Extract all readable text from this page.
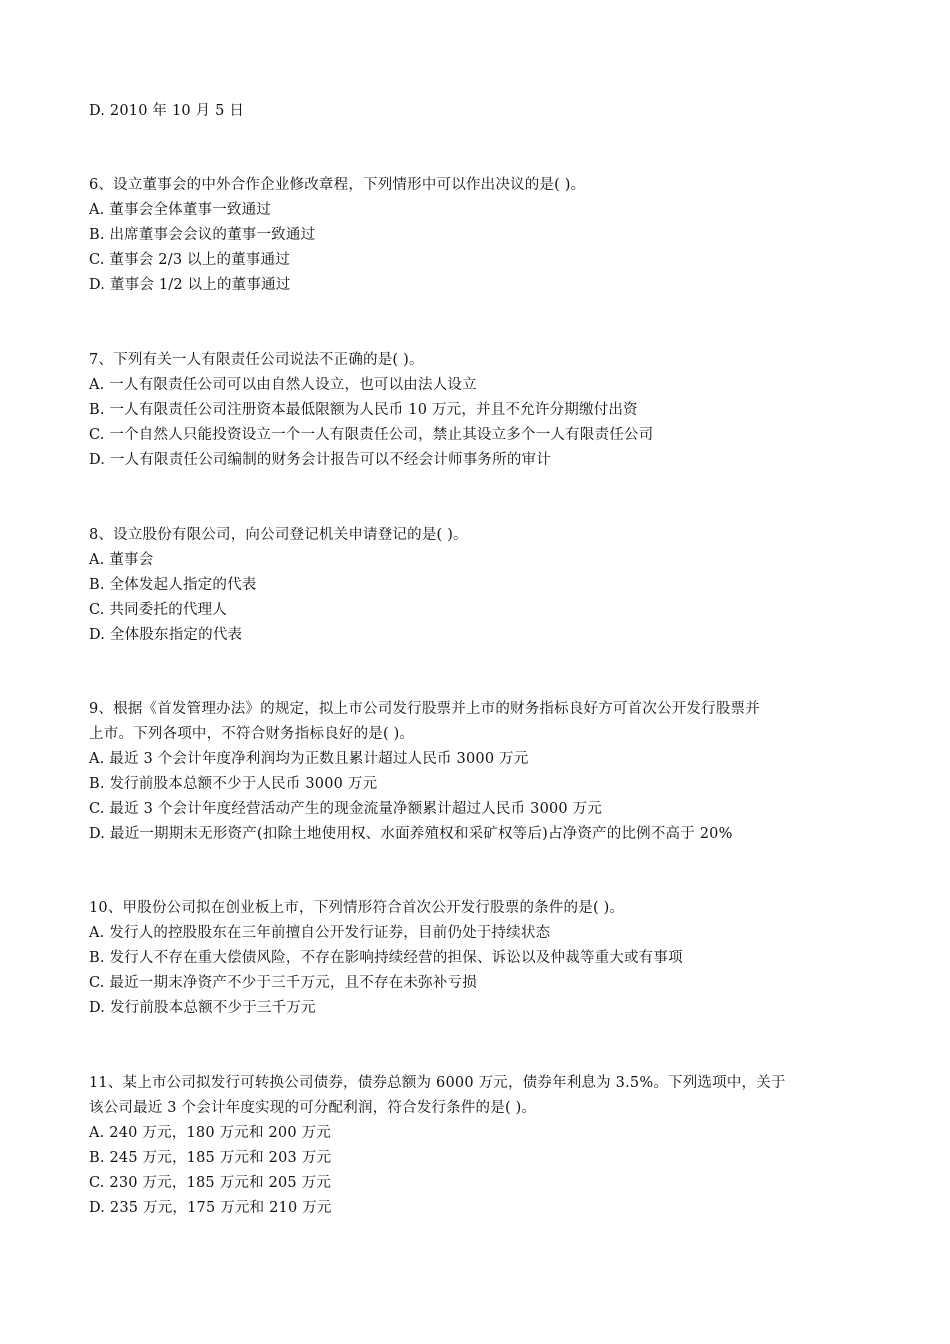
D. 2010 年 10 月 5 日
6、设立董事会的中外合作企业修改章程，下列情形中可以作出决议的是( )。
A. 董事会全体董事一致通过
B. 出席董事会会议的董事一致通过
C. 董事会 2/3 以上的董事通过
D. 董事会 1/2 以上的董事通过
7、下列有关一人有限责任公司说法不正确的是( )。
A. 一人有限责任公司可以由自然人设立，也可以由法人设立
B. 一人有限责任公司注册资本最低限额为人民币 10 万元，并且不允许分期缴付出资
C. 一个自然人只能投资设立一个一人有限责任公司，禁止其设立多个一人有限责任公司
D. 一人有限责任公司编制的财务会计报告可以不经会计师事务所的审计
8、设立股份有限公司，向公司登记机关申请登记的是( )。
A. 董事会
B. 全体发起人指定的代表
C. 共同委托的代理人
D. 全体股东指定的代表
9、根据《首发管理办法》的规定，拟上市公司发行股票并上市的财务指标良好方可首次公开发行股票并
上市。下列各项中，不符合财务指标良好的是( )。
A. 最近 3 个会计年度净利润均为正数且累计超过人民币 3000 万元
B. 发行前股本总额不少于人民币 3000 万元
C. 最近 3 个会计年度经营活动产生的现金流量净额累计超过人民币 3000 万元
D. 最近一期期末无形资产(扣除土地使用权、水面养殖权和采矿权等后)占净资产的比例不高于 20%
10、甲股份公司拟在创业板上市，下列情形符合首次公开发行股票的条件的是( )。
A. 发行人的控股股东在三年前擅自公开发行证券，目前仍处于持续状态
B. 发行人不存在重大偿债风险，不存在影响持续经营的担保、诉讼以及仲裁等重大或有事项
C. 最近一期末净资产不少于三千万元，且不存在未弥补亏损
D. 发行前股本总额不少于三千万元
11、某上市公司拟发行可转换公司债券，债券总额为 6000 万元，债券年利息为 3.5%。下列选项中，关于
该公司最近 3 个会计年度实现的可分配利润，符合发行条件的是( )。
A. 240 万元，180 万元和 200 万元
B. 245 万元，185 万元和 203 万元
C. 230 万元，185 万元和 205 万元
D. 235 万元，175 万元和 210 万元
